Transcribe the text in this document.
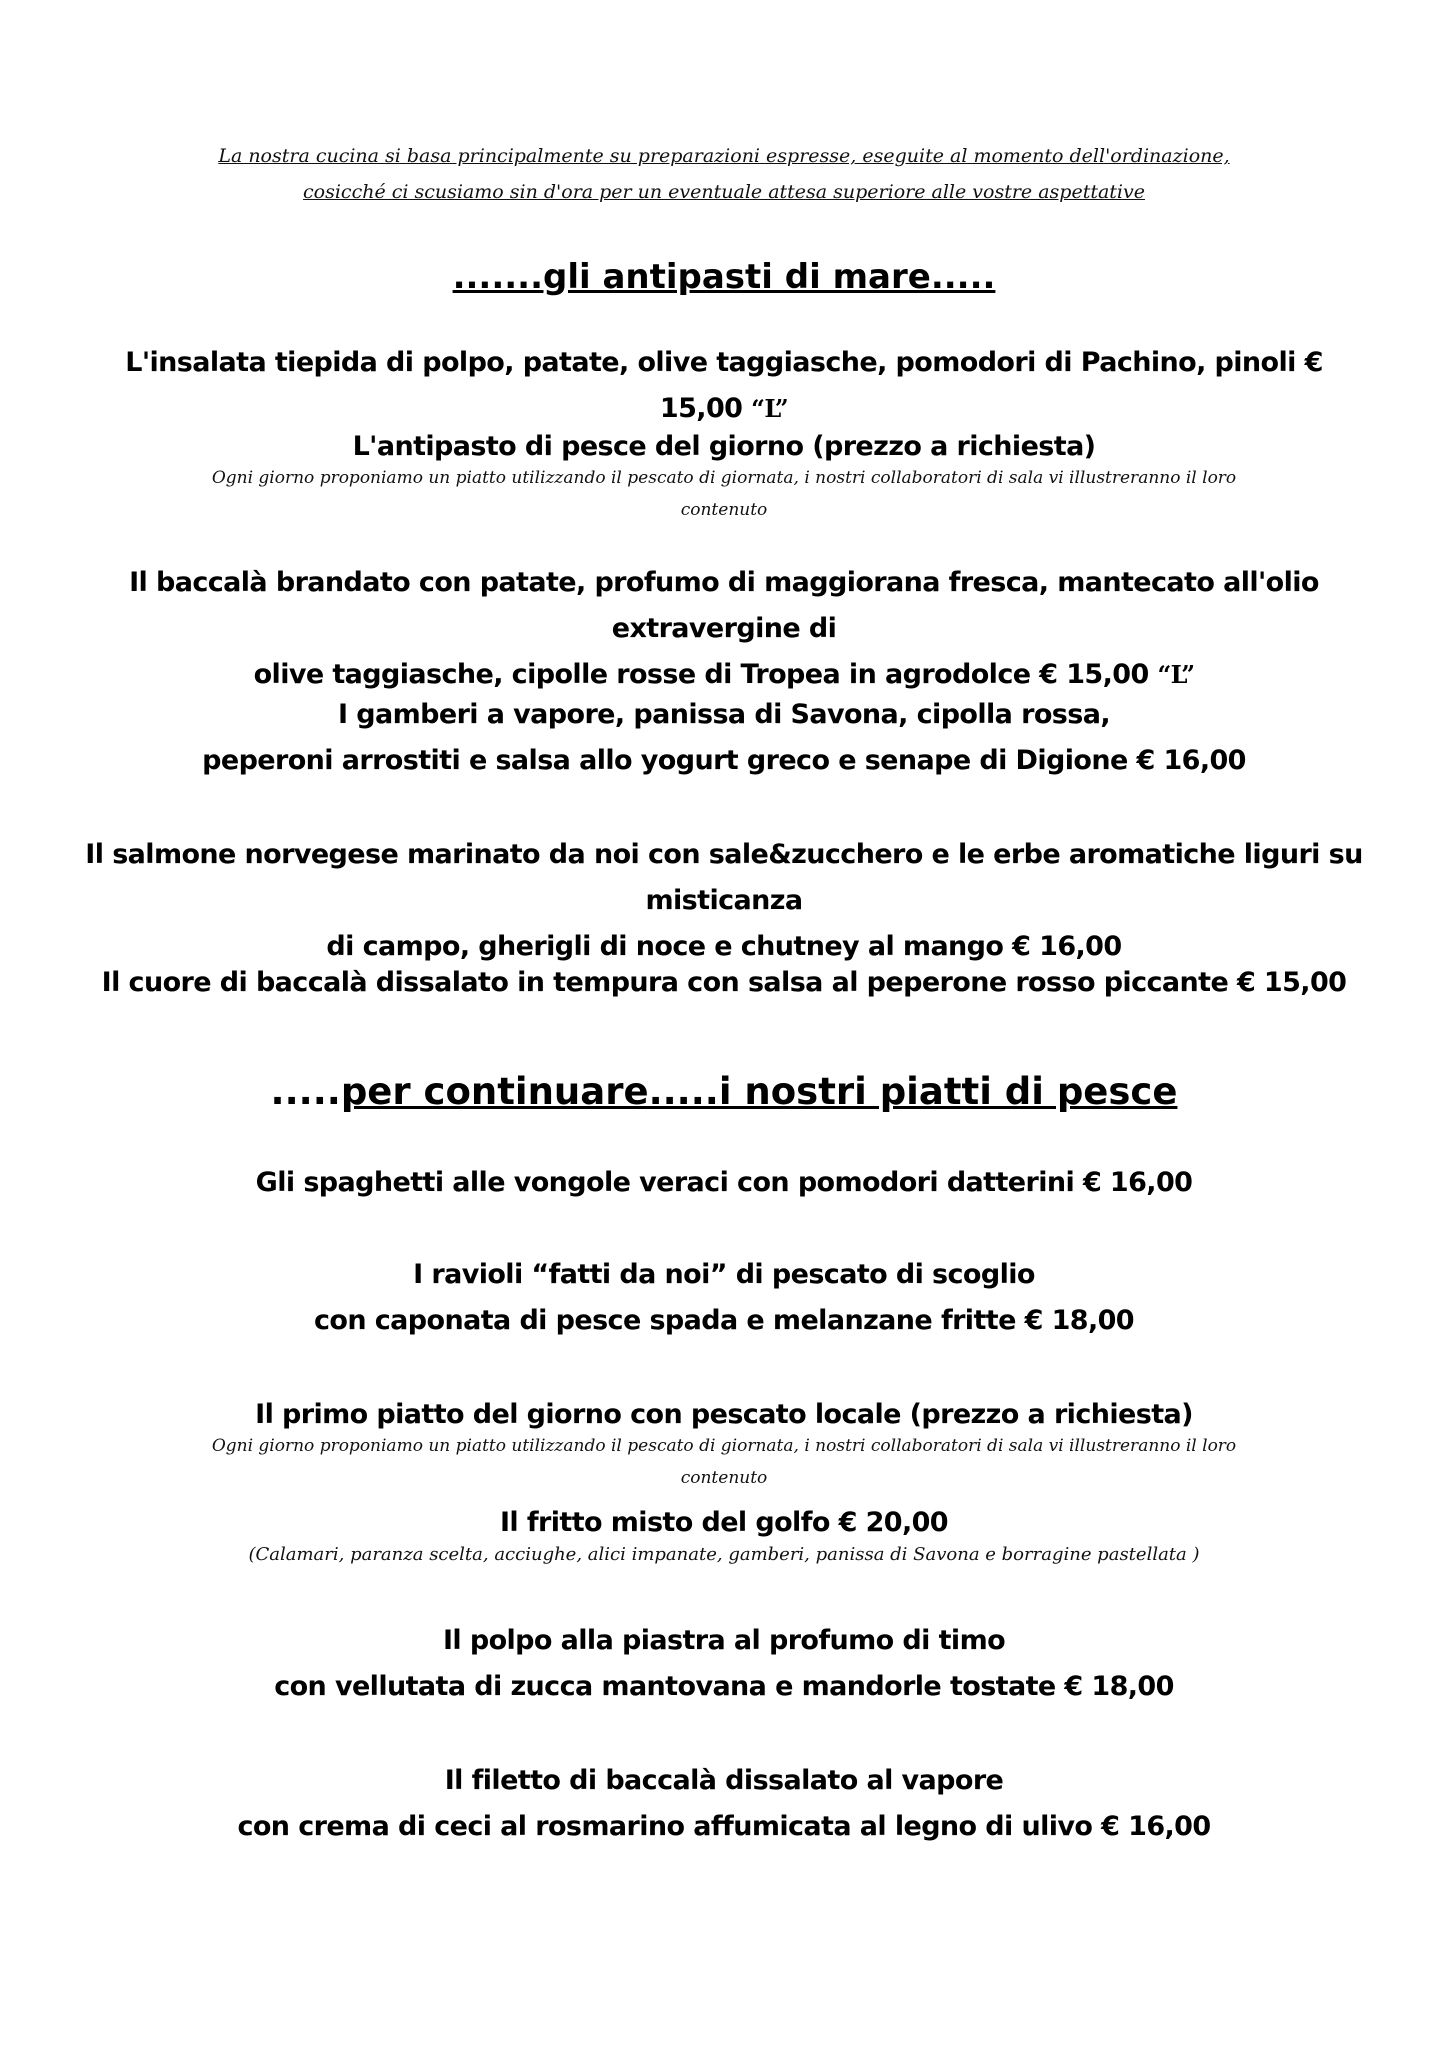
La nostra cucina si basa principalmente su preparazioni espresse, eseguite al momento dell'ordinazione,
cosicché ci scusiamo sin d'ora per un eventuale attesa superiore alle vostre aspettative
.......gli antipasti di mare.....
L'insalata tiepida di polpo, patate, olive taggiasche, pomodori di Pachino, pinoli € 15,00 “L”
L'antipasto di pesce del giorno (prezzo a richiesta)
Ogni giorno proponiamo un piatto utilizzando il pescato di giornata, i nostri collaboratori di sala vi illustreranno il loro
contenuto
Il baccalà brandato con patate, profumo di maggiorana fresca, mantecato all'olio extravergine di
olive taggiasche, cipolle rosse di Tropea in agrodolce € 15,00 “L”
I gamberi a vapore, panissa di Savona, cipolla rossa,
peperoni arrostiti e salsa allo yogurt greco e senape di Digione € 16,00
Il salmone norvegese marinato da noi con sale&zucchero e le erbe aromatiche liguri su misticanza
di campo, gherigli di noce e chutney al mango € 16,00
Il cuore di baccalà dissalato in tempura con salsa al peperone rosso piccante € 15,00
.....per continuare.....i nostri piatti di pesce
Gli spaghetti alle vongole veraci con pomodori datterini € 16,00
I ravioli “fatti da noi” di pescato di scoglio
con caponata di pesce spada e melanzane fritte € 18,00
Il primo piatto del giorno con pescato locale (prezzo a richiesta)
Ogni giorno proponiamo un piatto utilizzando il pescato di giornata, i nostri collaboratori di sala vi illustreranno il loro
contenuto
Il fritto misto del golfo € 20,00
(Calamari, paranza scelta, acciughe, alici impanate, gamberi, panissa di Savona e borragine pastellata )
Il polpo alla piastra al profumo di timo
con vellutata di zucca mantovana e mandorle tostate € 18,00
Il filetto di baccalà dissalato al vapore
con crema di ceci al rosmarino affumicata al legno di ulivo € 16,00
